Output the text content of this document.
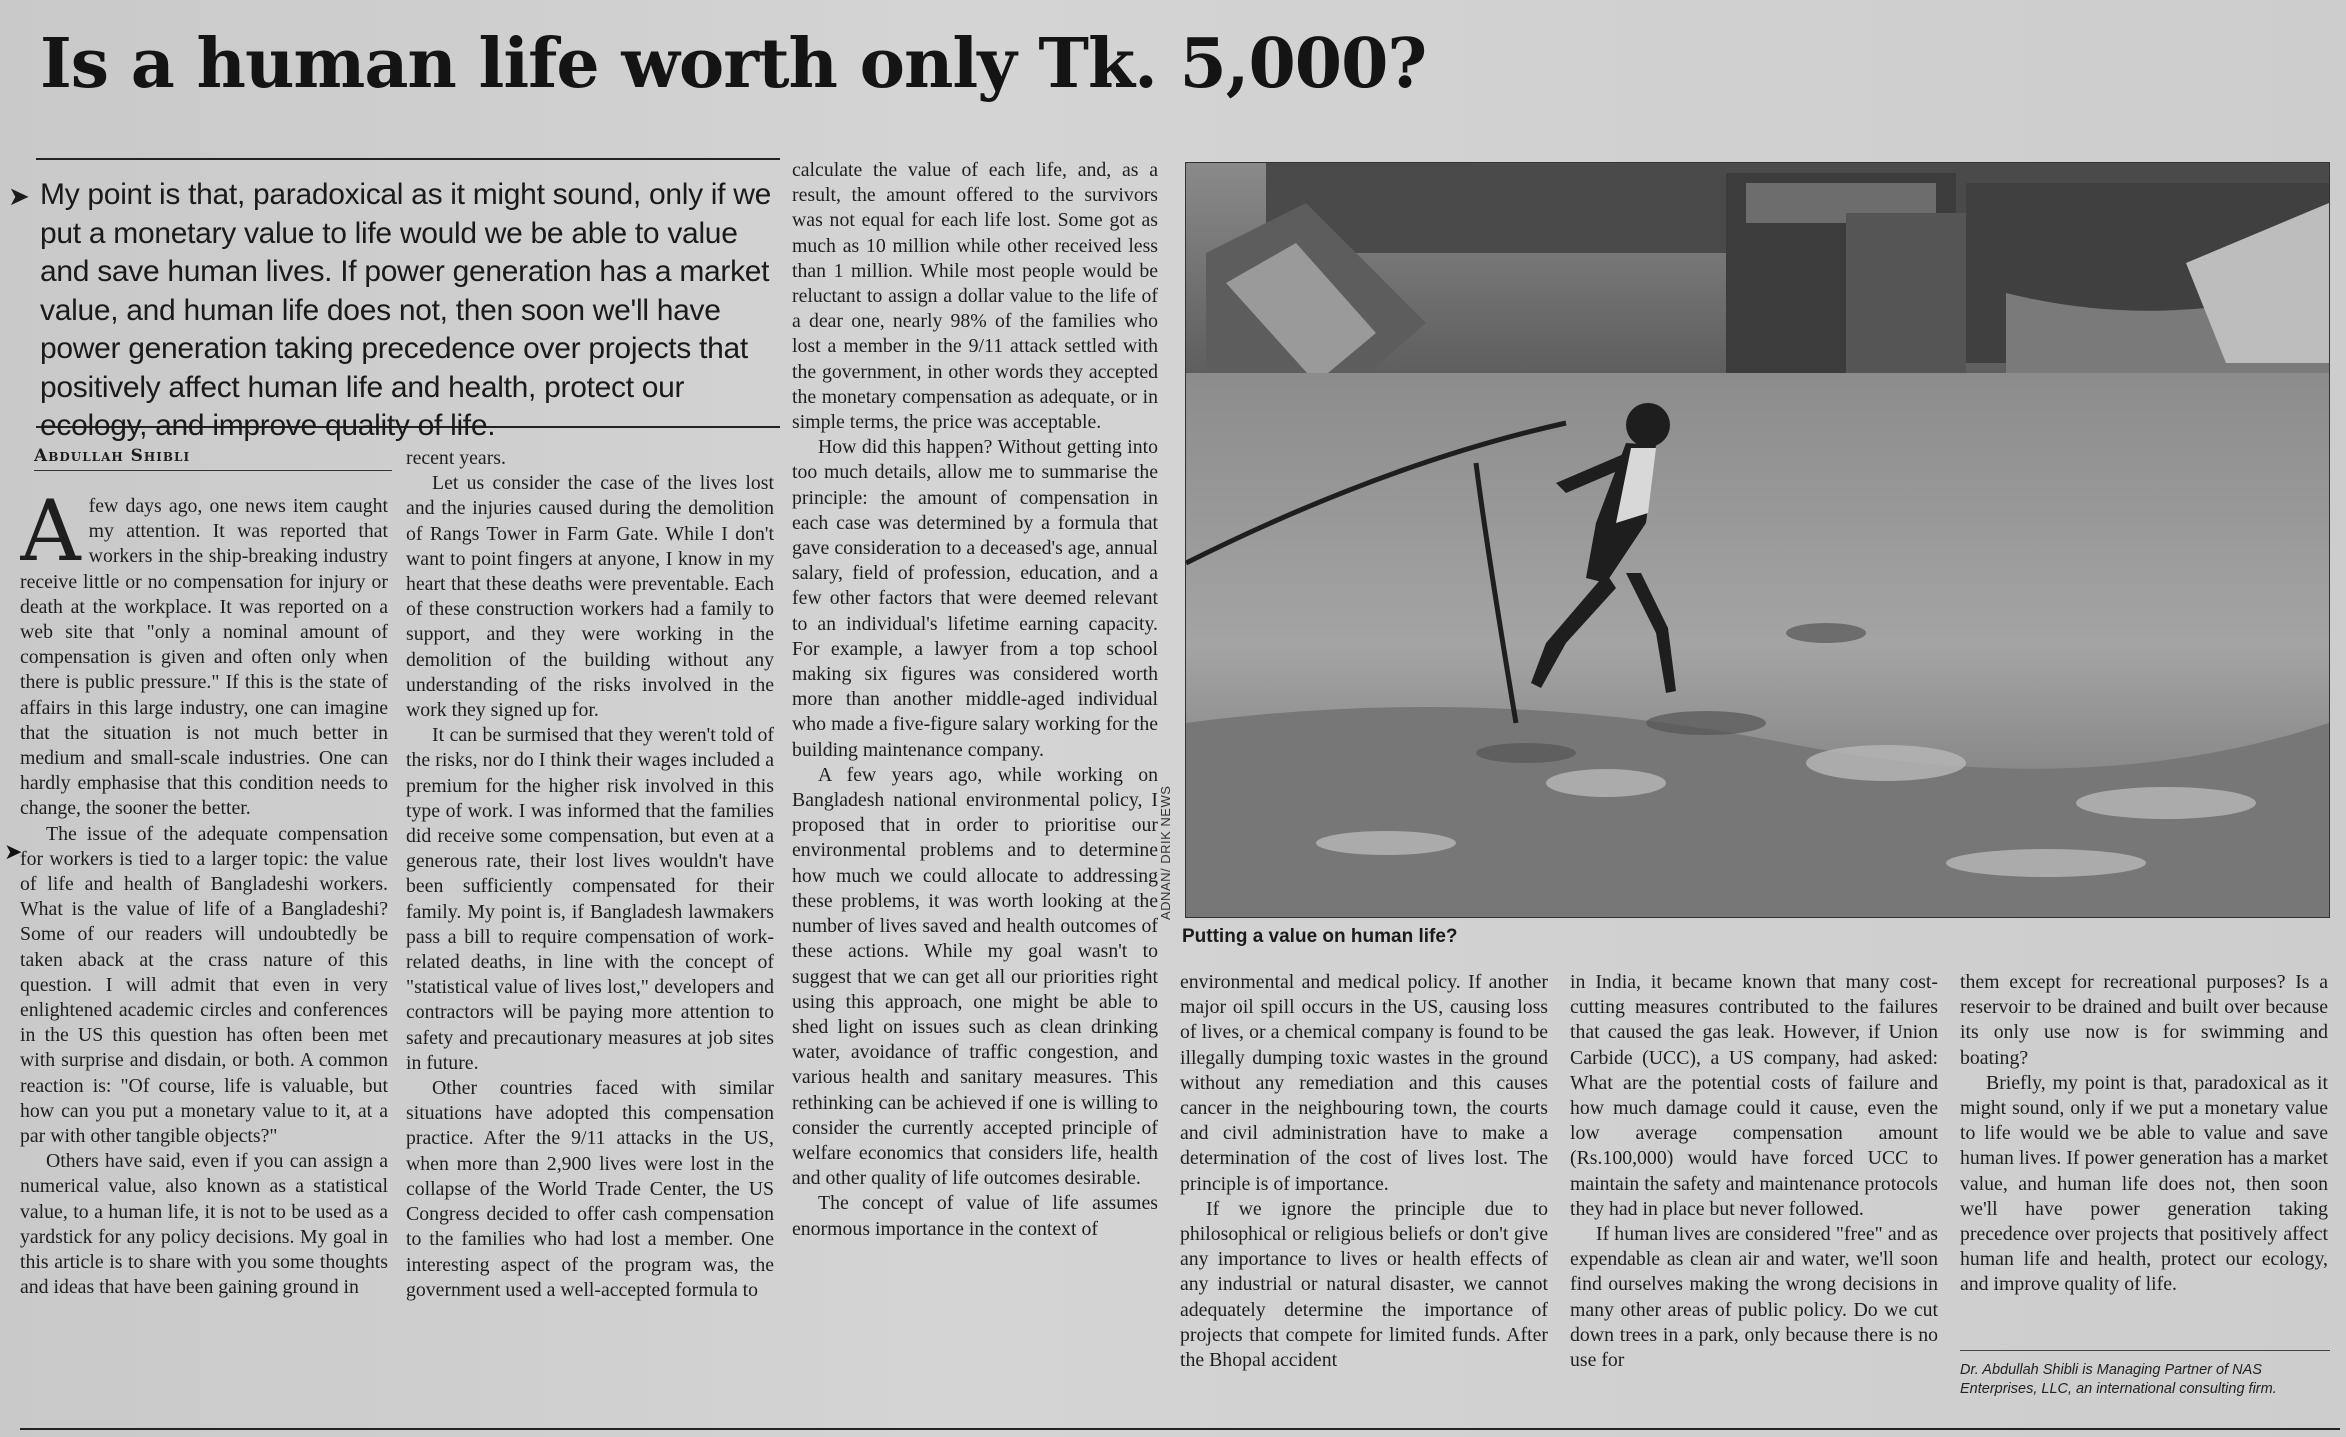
Is a human life worth only Tk. 5,000?
➤ My point is that, paradoxical as it might sound, only if we put a monetary value to life would we be able to value and save human lives. If power generation has a market value, and human life does not, then soon we'll have power generation taking precedence over projects that positively affect human life and health, protect our ecology, and improve quality of life.

Abdullah Shibli

Afew days ago, one news item caught my attention. It was reported that workers in the ship-breaking industry receive little or no compensation for injury or death at the workplace. It was reported on a web site that "only a nominal amount of compensation is given and often only when there is public pressure." If this is the state of affairs in this large industry, one can imagine that the situation is not much better in medium and small-scale industries. One can hardly emphasise that this condition needs to change, the sooner the better.

The issue of the adequate compensation for workers is tied to a larger topic: the value of life and health of Bangladeshi workers. What is the value of life of a Bangladeshi? Some of our readers will undoubtedly be taken aback at the crass nature of this question. I will admit that even in very enlightened academic circles and conferences in the US this question has often been met with surprise and disdain, or both. A common reaction is: "Of course, life is valuable, but how can you put a monetary value to it, at a par with other tangible objects?"

Others have said, even if you can assign a numerical value, also known as a statistical value, to a human life, it is not to be used as a yardstick for any policy decisions. My goal in this article is to share with you some thoughts and ideas that have been gaining ground in

recent years.

Let us consider the case of the lives lost and the injuries caused during the demolition of Rangs Tower in Farm Gate. While I don't want to point fingers at anyone, I know in my heart that these deaths were preventable. Each of these construction workers had a family to support, and they were working in the demolition of the building without any understanding of the risks involved in the work they signed up for.

It can be surmised that they weren't told of the risks, nor do I think their wages included a premium for the higher risk involved in this type of work. I was informed that the families did receive some compensation, but even at a generous rate, their lost lives wouldn't have been sufficiently compensated for their family. My point is, if Bangladesh lawmakers pass a bill to require compensation of work-related deaths, in line with the concept of "statistical value of lives lost," developers and contractors will be paying more attention to safety and precautionary measures at job sites in future.

Other countries faced with similar situations have adopted this compensation practice. After the 9/11 attacks in the US, when more than 2,900 lives were lost in the collapse of the World Trade Center, the US Congress decided to offer cash compensation to the families who had lost a member. One interesting aspect of the program was, the government used a well-accepted formula to

calculate the value of each life, and, as a result, the amount offered to the survivors was not equal for each life lost. Some got as much as 10 million while other received less than 1 million. While most people would be reluctant to assign a dollar value to the life of a dear one, nearly 98% of the families who lost a member in the 9/11 attack settled with the government, in other words they accepted the monetary compensation as adequate, or in simple terms, the price was acceptable.

How did this happen? Without getting into too much details, allow me to summarise the principle: the amount of compensation in each case was determined by a formula that gave consideration to a deceased's age, annual salary, field of profession, education, and a few other factors that were deemed relevant to an individual's lifetime earning capacity. For example, a lawyer from a top school making six figures was considered worth more than another middle-aged individual who made a five-figure salary working for the building maintenance company.

A few years ago, while working on Bangladesh national environmental policy, I proposed that in order to prioritise our environmental problems and to determine how much we could allocate to addressing these problems, it was worth looking at the number of lives saved and health outcomes of these actions. While my goal wasn't to suggest that we can get all our priorities right using this approach, one might be able to shed light on issues such as clean drinking water, avoidance of traffic congestion, and various health and sanitary measures. This rethinking can be achieved if one is willing to consider the currently accepted principle of welfare economics that considers life, health and other quality of life outcomes desirable.

The concept of value of life assumes enormous importance in the context of

ADNAN/ DRIK NEWS
Putting a value on human life?

environmental and medical policy. If another major oil spill occurs in the US, causing loss of lives, or a chemical company is found to be illegally dumping toxic wastes in the ground without any remediation and this causes cancer in the neighbouring town, the courts and civil administration have to make a determination of the cost of lives lost. The principle is of importance.

If we ignore the principle due to philosophical or religious beliefs or don't give any importance to lives or health effects of any industrial or natural disaster, we cannot adequately determine the importance of projects that compete for limited funds. After the Bhopal accident

in India, it became known that many cost-cutting measures contributed to the failures that caused the gas leak. However, if Union Carbide (UCC), a US company, had asked: What are the potential costs of failure and how much damage could it cause, even the low average compensation amount (Rs.100,000) would have forced UCC to maintain the safety and maintenance protocols they had in place but never followed.

If human lives are considered "free" and as expendable as clean air and water, we'll soon find ourselves making the wrong decisions in many other areas of public policy. Do we cut down trees in a park, only because there is no use for

them except for recreational purposes? Is a reservoir to be drained and built over because its only use now is for swimming and boating?

Briefly, my point is that, paradoxical as it might sound, only if we put a monetary value to life would we be able to value and save human lives. If power generation has a market value, and human life does not, then soon we'll have power generation taking precedence over projects that positively affect human life and health, protect our ecology, and improve quality of life.

Dr. Abdullah Shibli is Managing Partner of NAS Enterprises, LLC, an international consulting firm.
➤
